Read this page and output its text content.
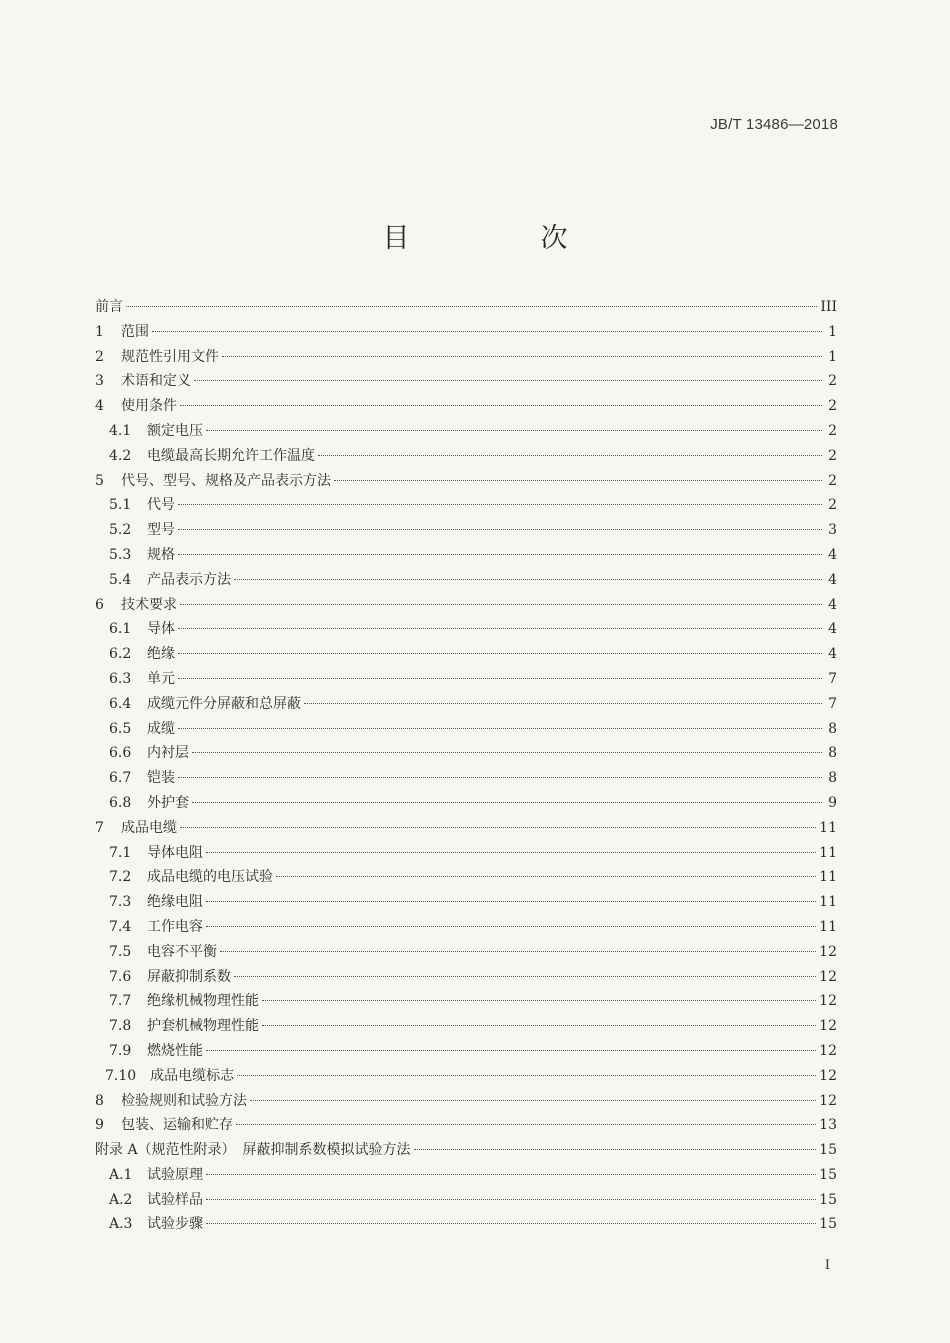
JB/T 13486—2018
目　次
前言	III
1	范围	1
2	规范性引用文件	1
3	术语和定义	2
4	使用条件	2
4.1	额定电压	2
4.2	电缆最高长期允许工作温度	2
5	代号、型号、规格及产品表示方法	2
5.1	代号	2
5.2	型号	3
5.3	规格	4
5.4	产品表示方法	4
6	技术要求	4
6.1	导体	4
6.2	绝缘	4
6.3	单元	7
6.4	成缆元件分屏蔽和总屏蔽	7
6.5	成缆	8
6.6	内衬层	8
6.7	铠装	8
6.8	外护套	9
7	成品电缆	11
7.1	导体电阻	11
7.2	成品电缆的电压试验	11
7.3	绝缘电阻	11
7.4	工作电容	11
7.5	电容不平衡	12
7.6	屏蔽抑制系数	12
7.7	绝缘机械物理性能	12
7.8	护套机械物理性能	12
7.9	燃烧性能	12
7.10 成品电缆标志	12
8	检验规则和试验方法	12
9	包装、运输和贮存	13
附录 A（规范性附录）　屏蔽抑制系数模拟试验方法	15
A.1	试验原理	15
A.2	试验样品	15
A.3	试验步骤	15
I
